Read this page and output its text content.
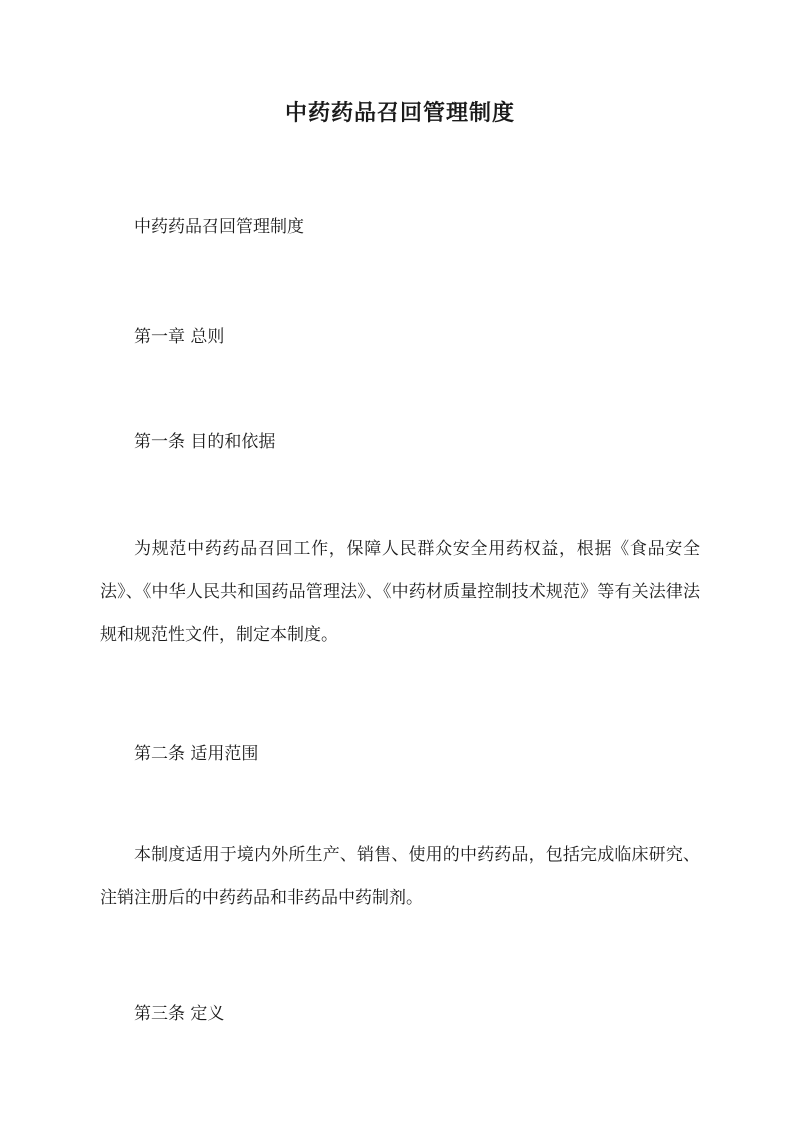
中药药品召回管理制度

中药药品召回管理制度

第一章 总则

第一条 目的和依据

为规范中药药品召回工作，保障人民群众安全用药权益，根据《食品安全法》、《中华人民共和国药品管理法》、《中药材质量控制技术规范》等有关法律法规和规范性文件，制定本制度。

第二条 适用范围

本制度适用于境内外所生产、销售、使用的中药药品，包括完成临床研究、注销注册后的中药药品和非药品中药制剂。

第三条 定义
